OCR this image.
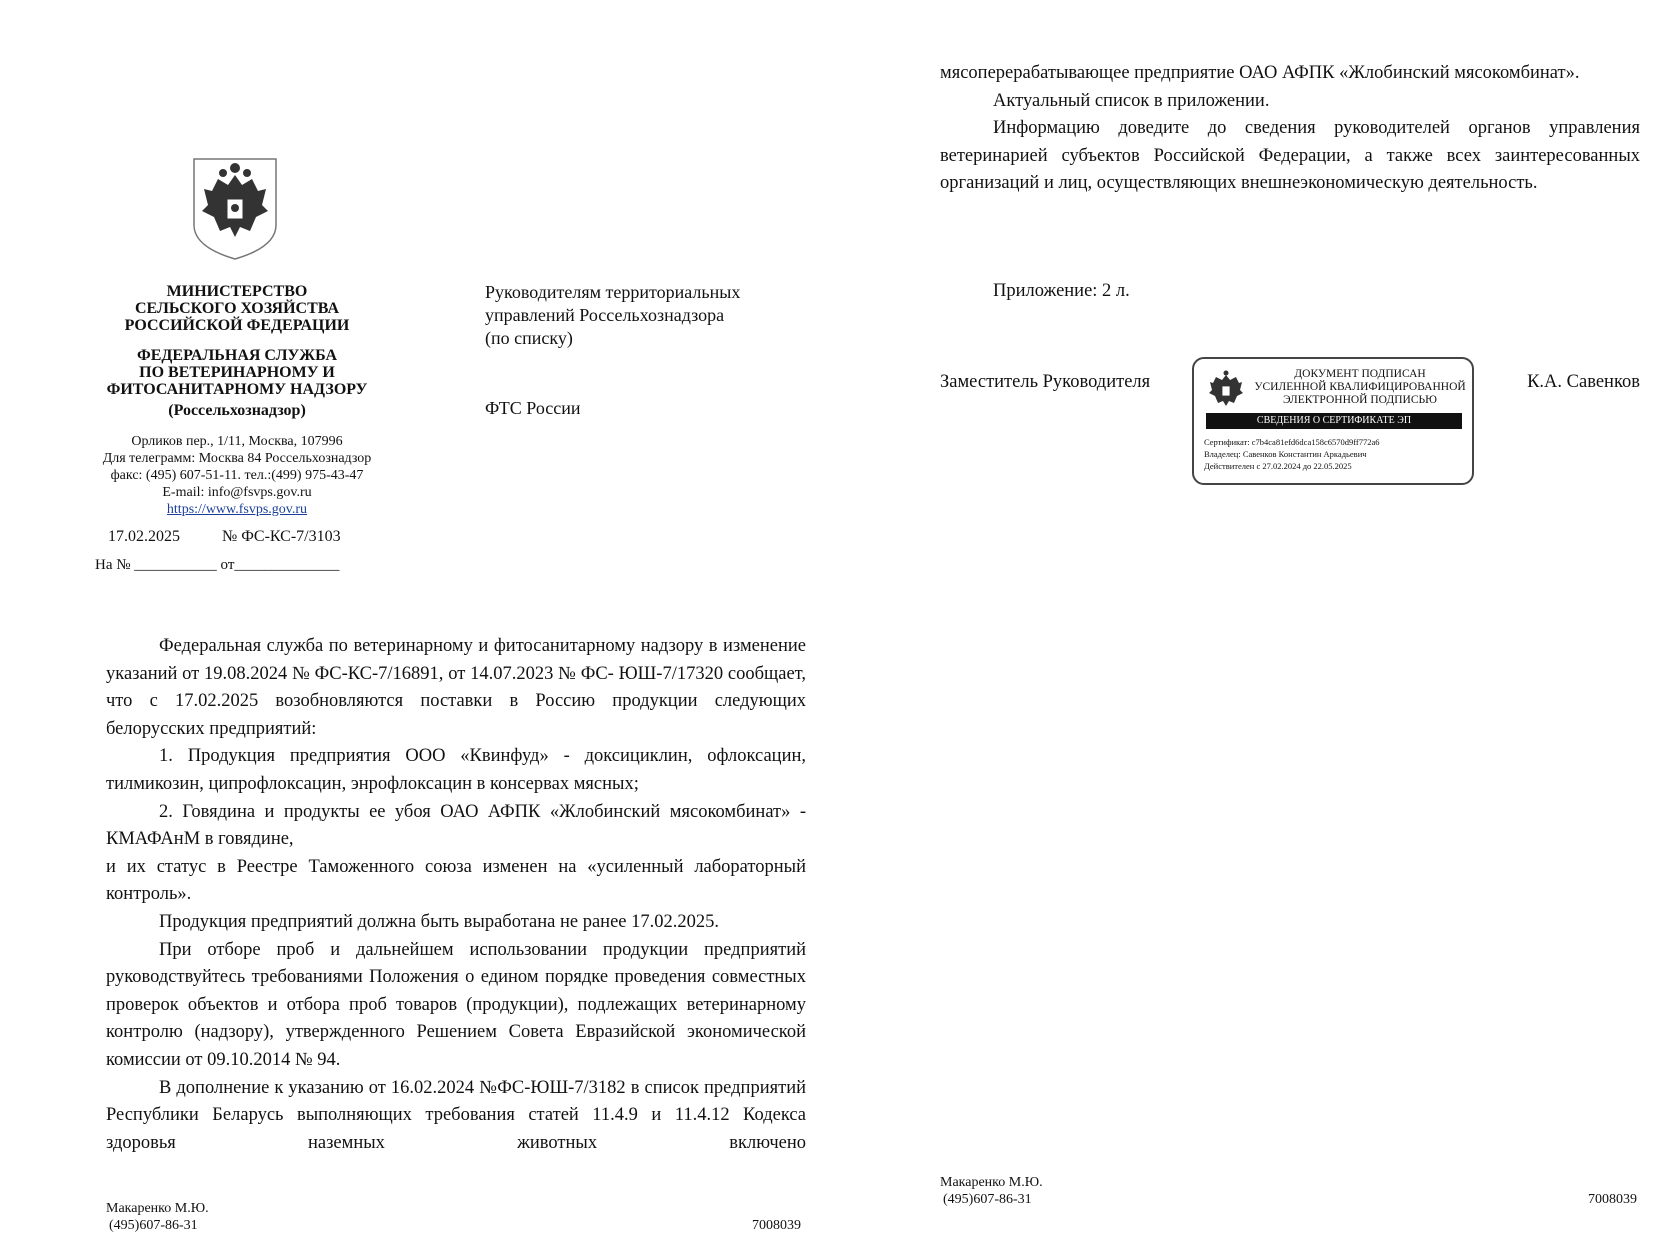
МИНИСТЕРСТВО
СЕЛЬСКОГО ХОЗЯЙСТВА
РОССИЙСКОЙ ФЕДЕРАЦИИ
ФЕДЕРАЛЬНАЯ СЛУЖБА
ПО ВЕТЕРИНАРНОМУ И
ФИТОСАНИТАРНОМУ НАДЗОРУ
(Россельхознадзор)
Орликов пер., 1/11, Москва, 107996
Для телеграмм: Москва 84 Россельхознадзор
факс: (495) 607-51-11. тел.:(499) 975-43-47
E-mail: info@fsvps.gov.ru
https://www.fsvps.gov.ru
17.02.2025	№ ФС-КС-7/3103
На № ___________ от______________
Руководителям территориальных
управлений Россельхознадзора
(по списку)
ФТС России

Федеральная служба по ветеринарному и фитосанитарному надзору в изменение указаний от 19.08.2024 № ФС-КС-7/16891, от 14.07.2023 № ФС- ЮШ-7/17320 сообщает, что с 17.02.2025 возобновляются поставки в Россию продукции следующих белорусских предприятий:

1. Продукция предприятия ООО «Квинфуд» - доксициклин, офлоксацин, тилмикозин, ципрофлоксацин, энрофлоксацин в консервах мясных;

2. Говядина и продукты ее убоя ОАО АФПК «Жлобинский мясокомбинат» - КМАФАнМ в говядине,

и их статус в Реестре Таможенного союза изменен на «усиленный лабораторный контроль».

Продукция предприятий должна быть выработана не ранее 17.02.2025.

При отборе проб и дальнейшем использовании продукции предприятий руководствуйтесь требованиями Положения о едином порядке проведения совместных проверок объектов и отбора проб товаров (продукции), подлежащих ветеринарному контролю (надзору), утвержденного Решением Совета Евразийской экономической комиссии от 09.10.2014 № 94.

В дополнение к указанию от 16.02.2024 №ФС-ЮШ-7/3182 в список предприятий Республики Беларусь выполняющих требования статей 11.4.9 и 11.4.12 Кодекса здоровья наземных животных включено

Макаренко М.Ю.
(495)607-86-31	7008039

мясоперерабатывающее предприятие ОАО АФПК «Жлобинский мясокомбинат».

Актуальный список в приложении.

Информацию доведите до сведения руководителей органов управления ветеринарией субъектов Российской Федерации, а также всех заинтересованных организаций и лиц, осуществляющих внешнеэкономическую деятельность.

Приложение: 2 л.
Заместитель Руководителя	К.А. Савенков
ДОКУМЕНТ ПОДПИСАН
УСИЛЕННОЙ КВАЛИФИЦИРОВАННОЙ
ЭЛЕКТРОННОЙ ПОДПИСЬЮ
СВЕДЕНИЯ О СЕРТИФИКАТЕ ЭП
Сертификат: c7b4ca81efd6dca158c6570d9ff772a6
Владелец: Савенков Константин Аркадьевич
Действителен с 27.02.2024 до 22.05.2025
Макаренко М.Ю.
(495)607-86-31	7008039
